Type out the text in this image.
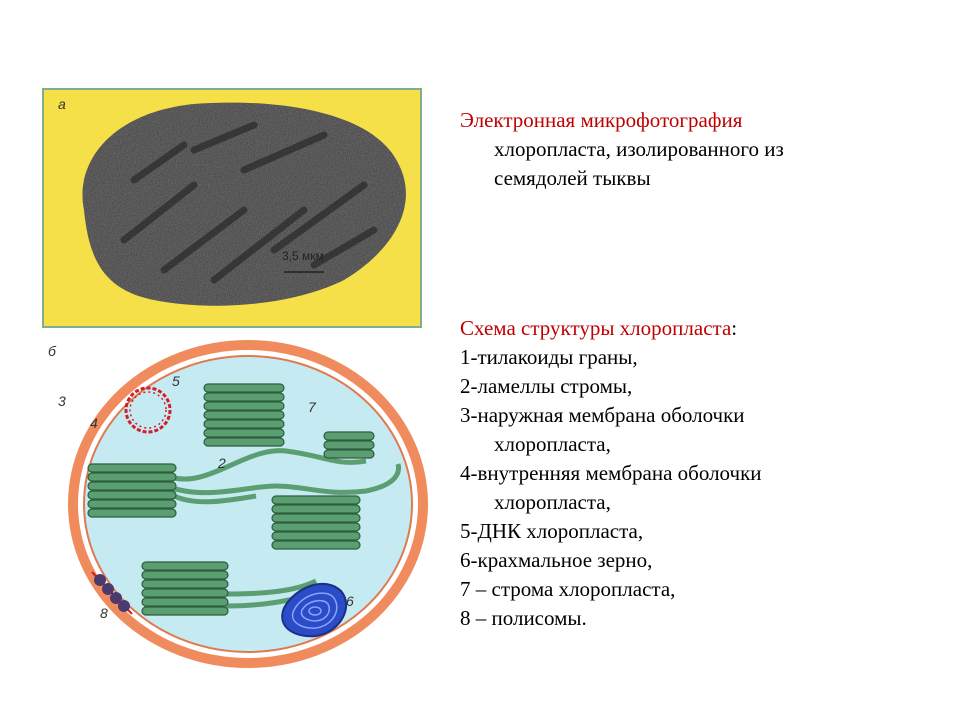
a
3,5 мкм
б
2
3
4
5
6
7
8
Электронная микрофотография
хлоропласта, изолированного из
семядолей тыквы
Схема структуры хлоропласта:
1-тилакоиды граны,
2-ламеллы стромы,
3-наружная мембрана оболочки
хлоропласта,
4-внутренняя мембрана оболочки
хлоропласта,
5-ДНК хлоропласта,
6-крахмальное зерно,
7 – строма хлоропласта,
8 – полисомы.
